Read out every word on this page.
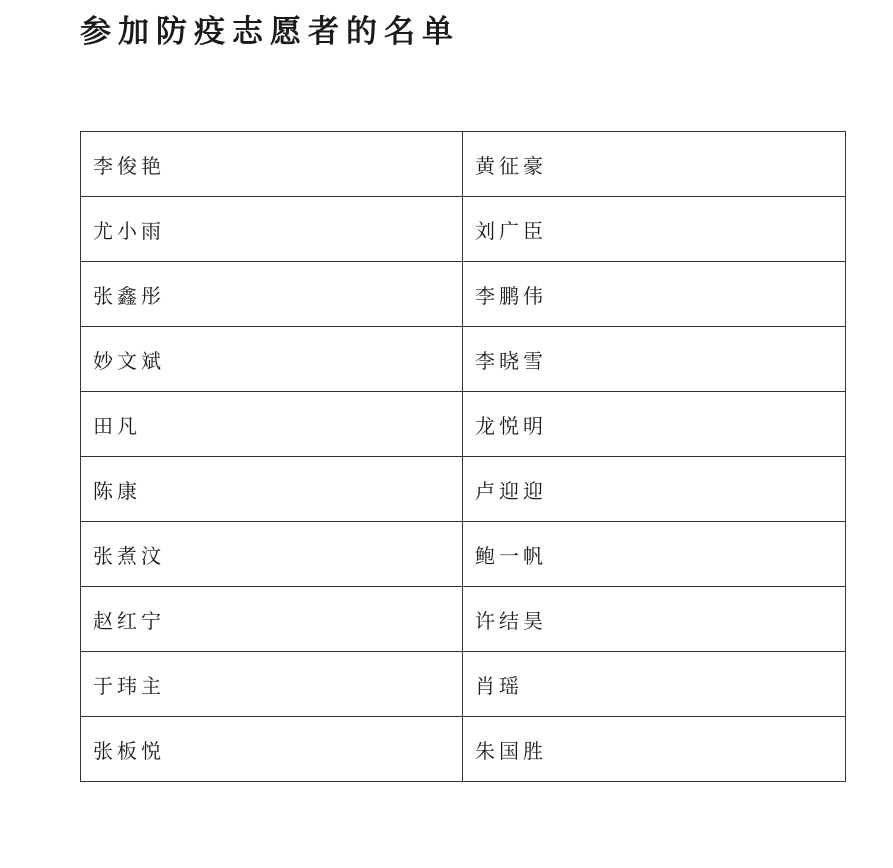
参加防疫志愿者的名单
李俊艳	黄征豪
尤小雨	刘广臣
张鑫彤	李鹏伟
妙文斌	李晓雪
田凡	龙悦明
陈康	卢迎迎
张煮汶	鲍一帆
赵红宁	许结昊
于玮主	肖瑶
张板悦	朱国胜
